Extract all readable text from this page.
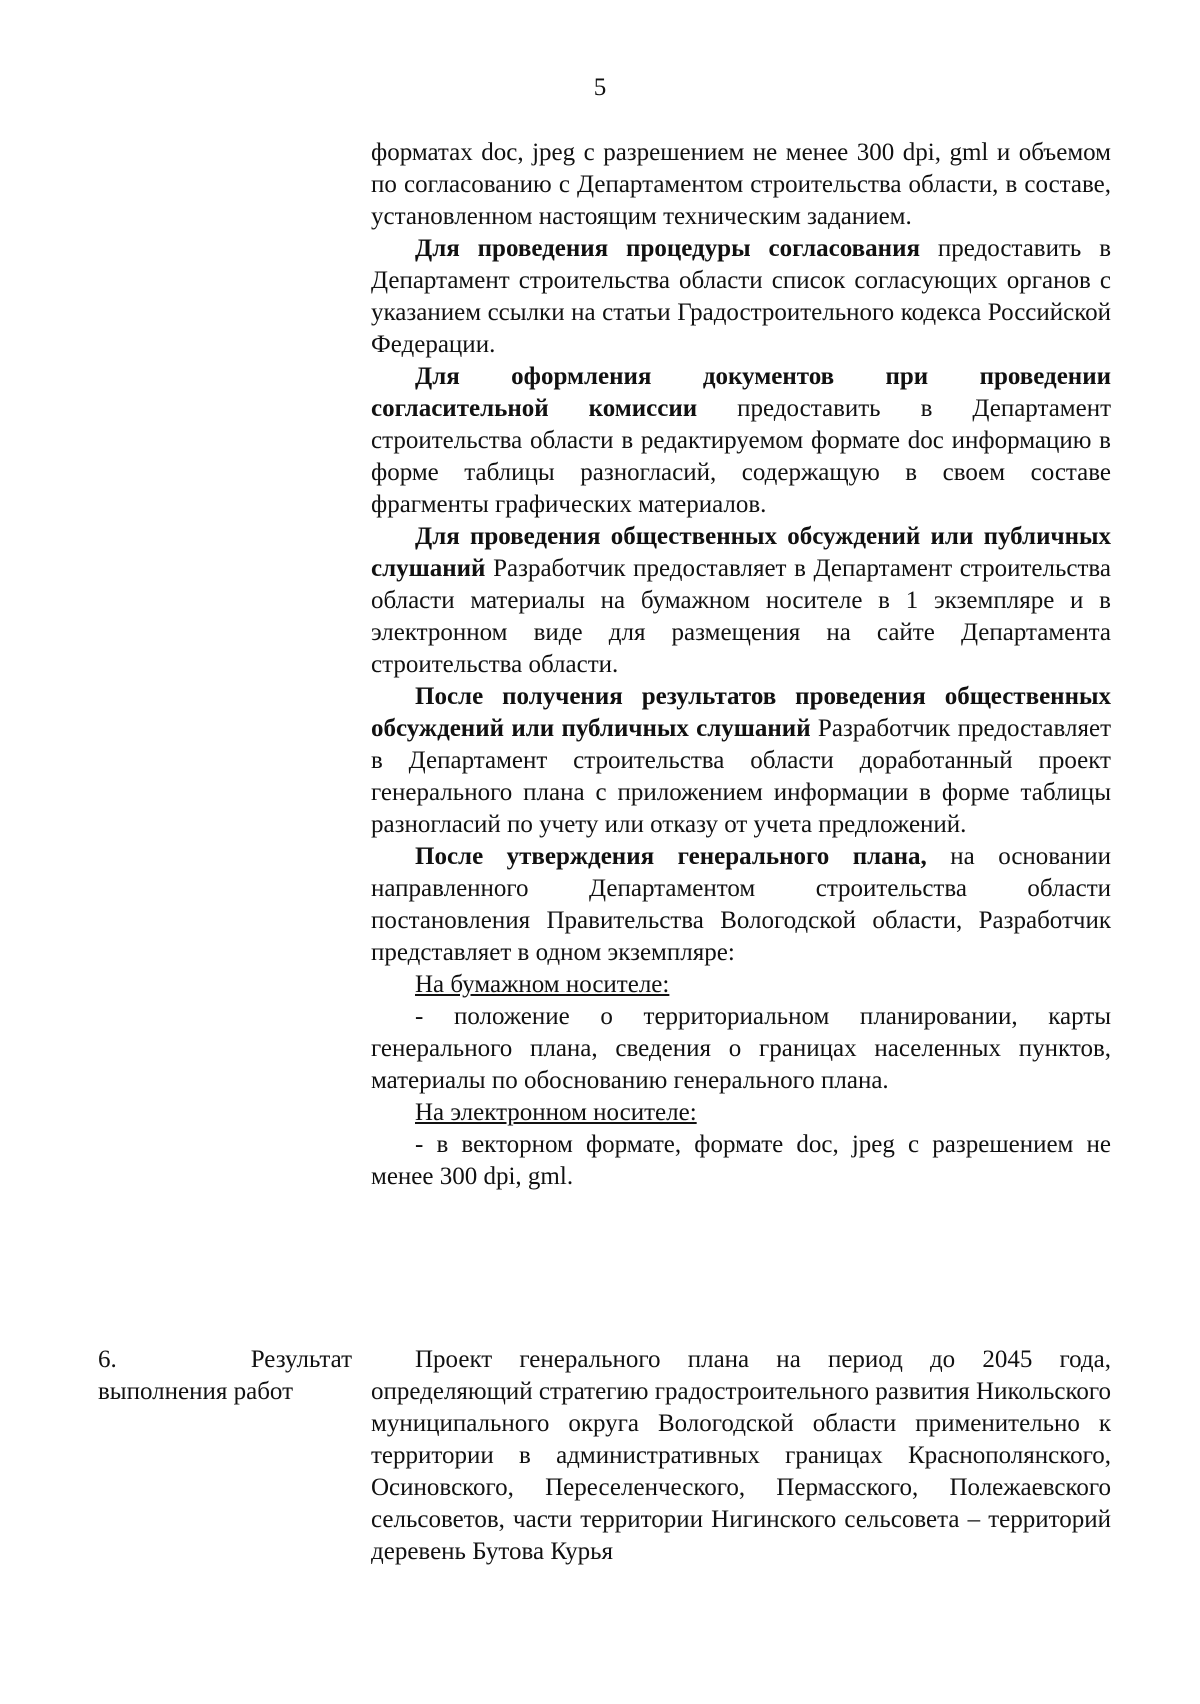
5

форматах doc, jpeg с разрешением не менее 300 dpi, gml и объемом по согласованию с Департаментом строительства области, в составе, установленном настоящим техническим заданием.

Для проведения процедуры согласования предоставить в Департамент строительства области список согласующих органов с указанием ссылки на статьи Градостроительного кодекса Российской Федерации.

Для оформления документов при проведении согласительной комиссии предоставить в Департамент строительства области в редактируемом формате doc информацию в форме таблицы разногласий, содержащую в своем составе фрагменты графических материалов.

Для проведения общественных обсуждений или публичных слушаний Разработчик предоставляет в Департамент строительства области материалы на бумажном носителе в 1 экземпляре и в электронном виде для размещения на сайте Департамента строительства области.

После получения результатов проведения общественных обсуждений или публичных слушаний Разработчик предоставляет в Департамент строительства области доработанный проект генерального плана с приложением информации в форме таблицы разногласий по учету или отказу от учета предложений.

После утверждения генерального плана, на основании направленного Департаментом строительства области постановления Правительства Вологодской области, Разработчик представляет в одном экземпляре:

На бумажном носителе:

- положение о территориальном планировании, карты генерального плана, сведения о границах населенных пунктов, материалы по обоснованию генерального плана.

На электронном носителе:

- в векторном формате, формате doc, jpeg с разрешением не менее 300 dpi, gml.

6.	Результат
выполнения работ

Проект генерального плана на период до 2045 года, определяющий стратегию градостроительного развития Никольского муниципального округа Вологодской области применительно к территории в административных границах Краснополянского, Осиновского, Переселенческого, Пермасского, Полежаевского сельсоветов, части территории Нигинского сельсовета – территорий деревень Бутова Курья
